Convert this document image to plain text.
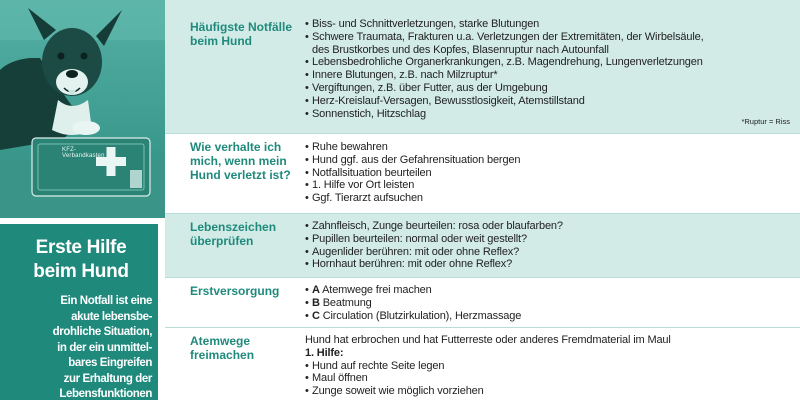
KFZ-Verbandkasten
Erste Hilfe
beim Hund
Ein Notfall ist eine
akute lebensbe-
drohliche Situation,
in der ein unmittel-
bares Eingreifen
zur Erhaltung der
Lebensfunktionen
Häufigste Notfälle
beim Hund
• Biss- und Schnittverletzungen, starke Blutungen
• Schwere Traumata, Frakturen u.a. Verletzungen der Extremitäten, der Wirbelsäule,
des Brustkorbes und des Kopfes, Blasenruptur nach Autounfall
• Lebensbedrohliche Organerkrankungen, z.B. Magendrehung, Lungenverletzungen
• Innere Blutungen, z.B. nach Milzruptur*
• Vergiftungen, z.B. über Futter, aus der Umgebung
• Herz-Kreislauf-Versagen, Bewusstlosigkeit, Atemstillstand
• Sonnenstich, Hitzschlag
*Ruptur = Riss
Wie verhalte ich
mich, wenn mein
Hund verletzt ist?
• Ruhe bewahren
• Hund ggf. aus der Gefahrensituation bergen
• Notfallsituation beurteilen
• 1. Hilfe vor Ort leisten
• Ggf. Tierarzt aufsuchen
Lebenszeichen
überprüfen
• Zahnfleisch, Zunge beurteilen: rosa oder blaufarben?
• Pupillen beurteilen: normal oder weit gestellt?
• Augenlider berühren: mit oder ohne Reflex?
• Hornhaut berühren: mit oder ohne Reflex?
Erstversorgung
•	A Atemwege frei machen
• B Beatmung
• C Circulation (Blutzirkulation), Herzmassage
Atemwege
freimachen
Hund hat erbrochen und hat Futterreste oder anderes Fremdmaterial im Maul
1. Hilfe:
• Hund auf rechte Seite legen
• Maul öffnen
• Zunge soweit wie möglich vorziehen
